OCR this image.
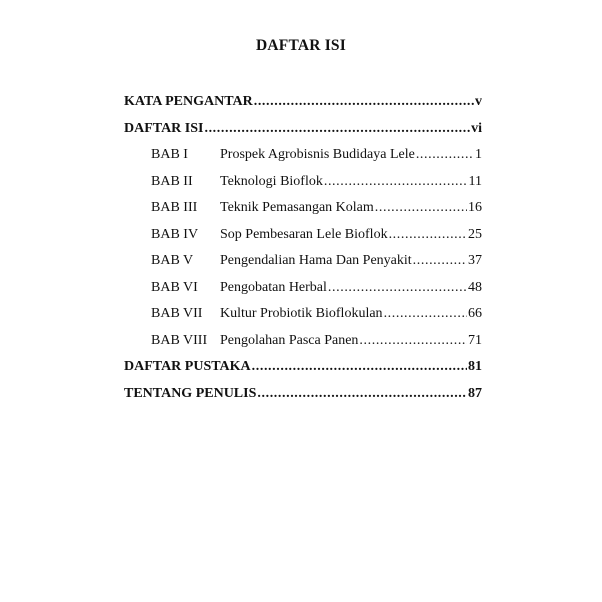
DAFTAR ISI
KATA PENGANTAR .....	v
DAFTAR ISI .....	vi
BAB I	Prospek Agrobisnis Budidaya Lele .....	1
BAB II	Teknologi Bioflok .....	11
BAB III	Teknik Pemasangan Kolam .....	16
BAB IV	Sop Pembesaran Lele Bioflok .....	25
BAB V	Pengendalian Hama Dan Penyakit .....	37
BAB VI	Pengobatan Herbal .....	48
BAB VII	Kultur Probiotik Bioflokulan .....	66
BAB VIII Pengolahan Pasca Panen .....	71
DAFTAR PUSTAKA .....	81
TENTANG PENULIS .....	87
